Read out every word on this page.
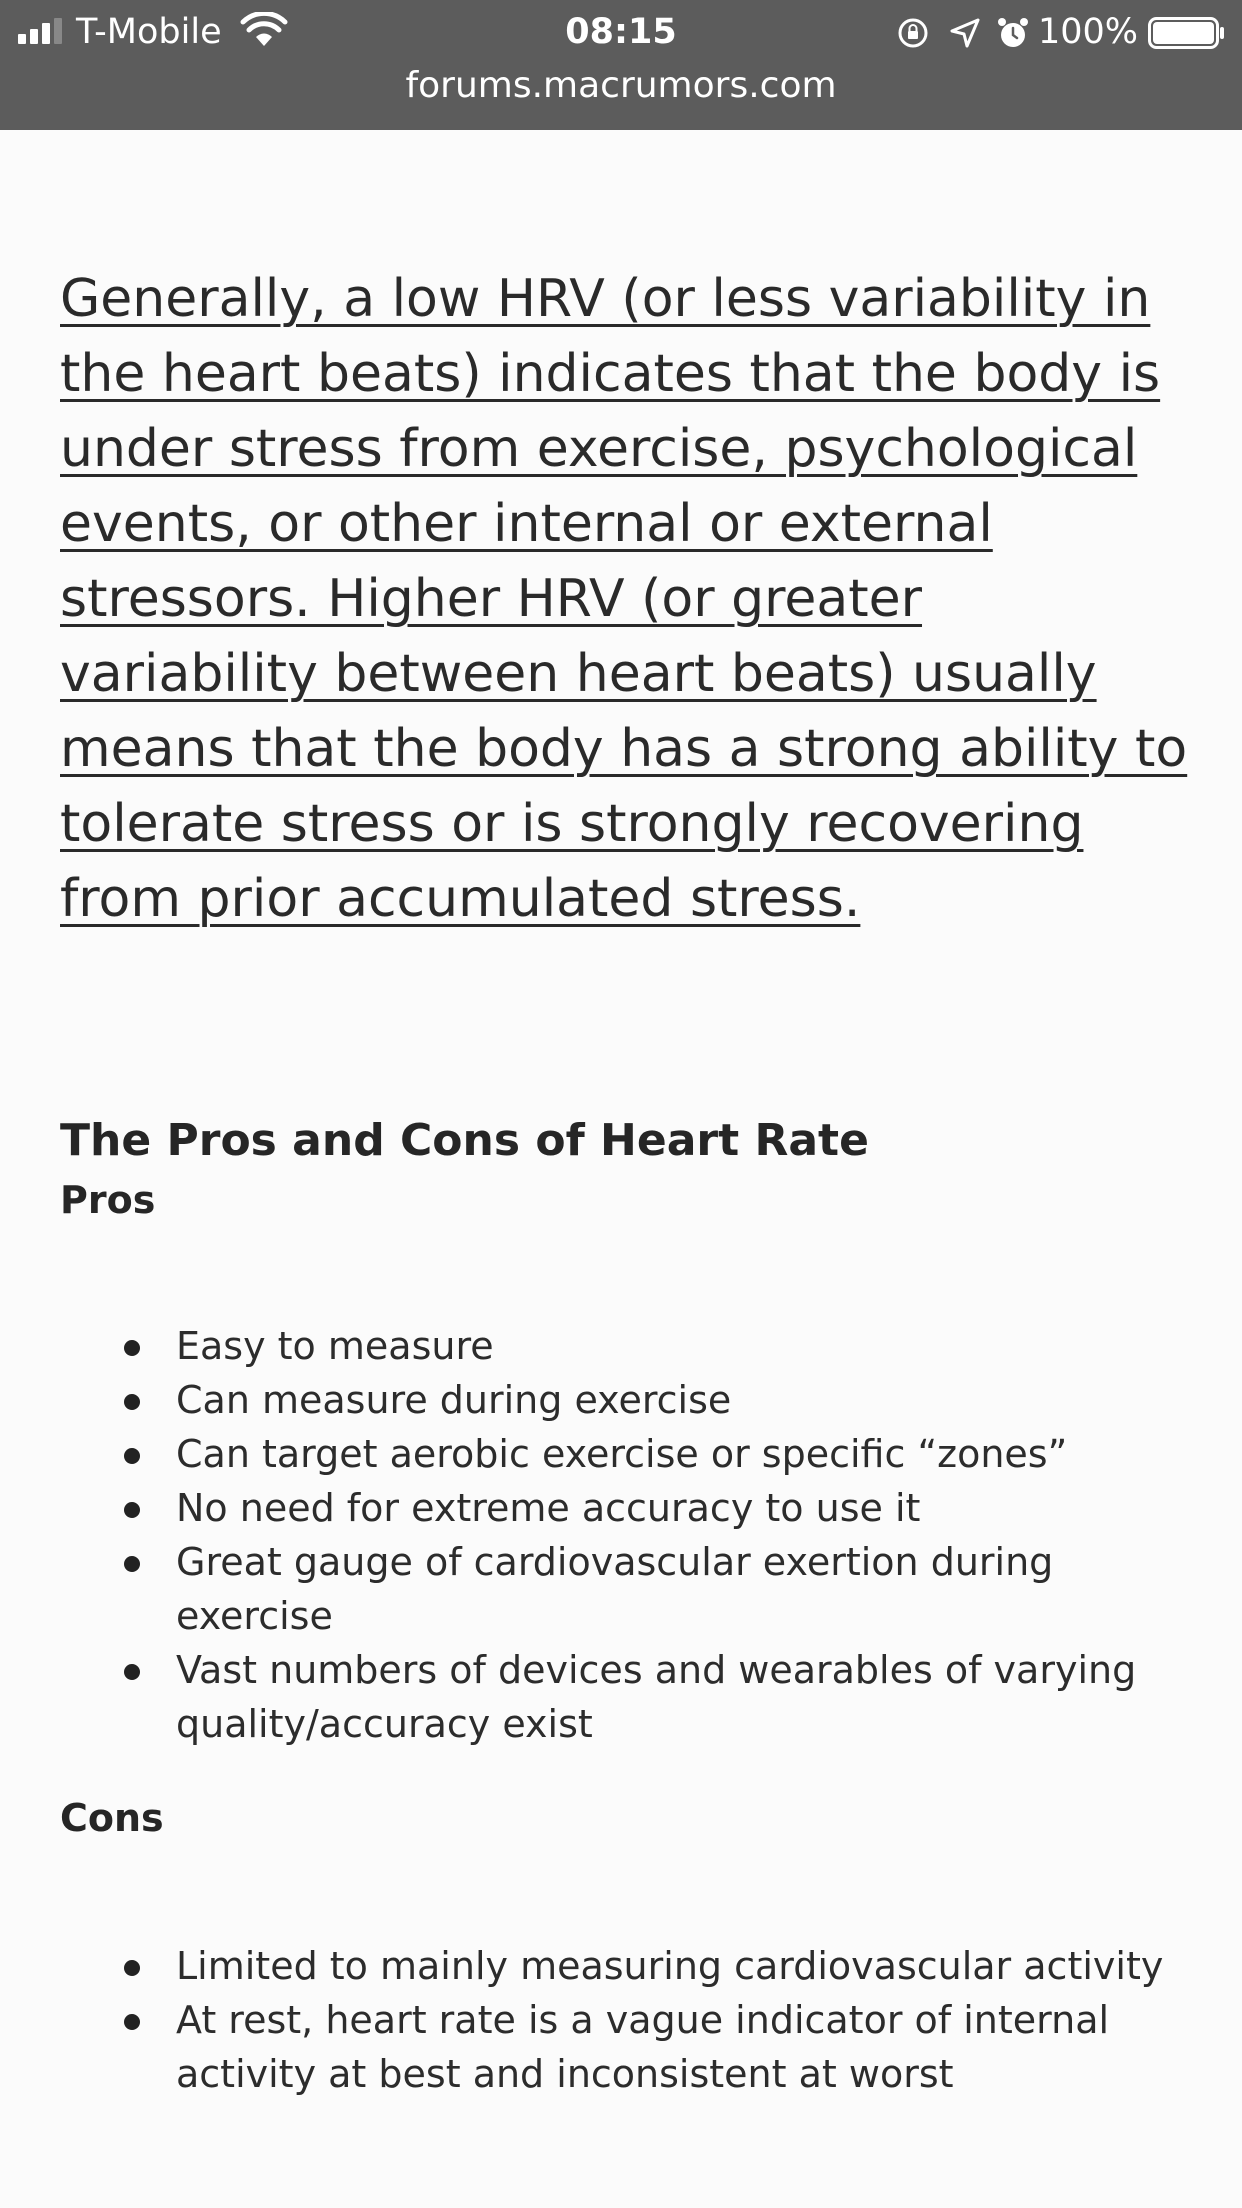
T-Mobile	08:15	100%
forums.macrumors.com

Generally, a low HRV (or less variability in the heart beats) indicates that the body is under stress from exercise, psychological events, or other internal or external stressors. Higher HRV (or greater variability between heart beats) usually means that the body has a strong ability to tolerate stress or is strongly recovering from prior accumulated stress.

The Pros and Cons of Heart Rate
Pros
Easy to measure
Can measure during exercise
Can target aerobic exercise or specific “zones”
No need for extreme accuracy to use it
Great gauge of cardiovascular exertion during exercise
Vast numbers of devices and wearables of varying quality/accuracy exist
Cons
Limited to mainly measuring cardiovascular activity
At rest, heart rate is a vague indicator of internal activity at best and inconsistent at worst
